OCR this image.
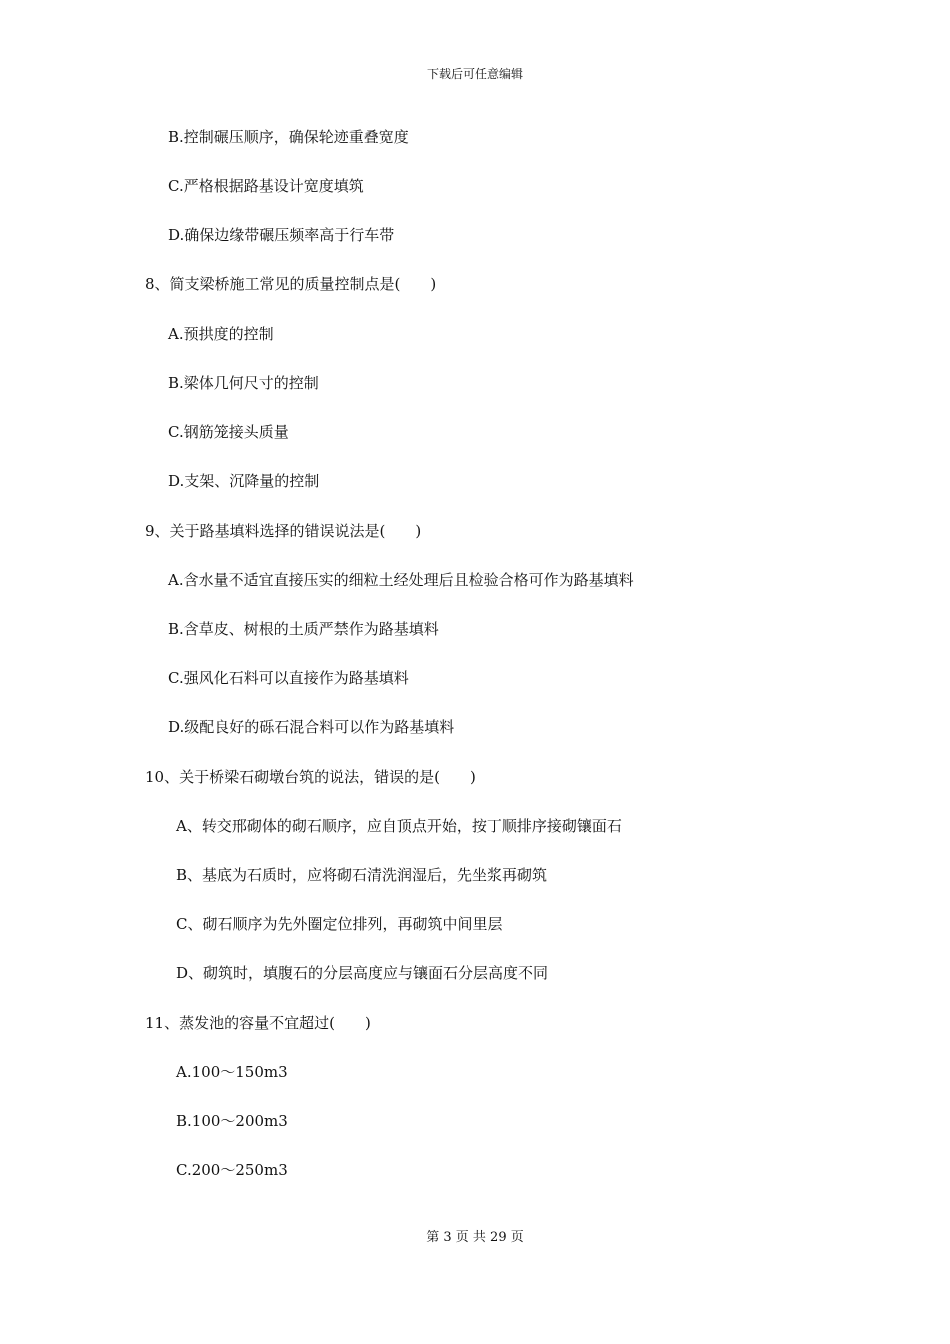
下载后可任意编辑
B.控制碾压顺序，确保轮迹重叠宽度
C.严格根据路基设计宽度填筑
D.确保边缘带碾压频率高于行车带
8、简支梁桥施工常见的质量控制点是(　　)
A.预拱度的控制
B.梁体几何尺寸的控制
C.钢筋笼接头质量
D.支架、沉降量的控制
9、关于路基填料选择的错误说法是(　　)
A.含水量不适宜直接压实的细粒土经处理后且检验合格可作为路基填料
B.含草皮、树根的土质严禁作为路基填料
C.强风化石料可以直接作为路基填料
D.级配良好的砾石混合料可以作为路基填料
10、关于桥梁石砌墩台筑的说法，错误的是(　　)
A、转交邢砌体的砌石顺序，应自顶点开始，按丁顺排序接砌镶面石
B、基底为石质时，应将砌石清洗润湿后，先坐浆再砌筑
C、砌石顺序为先外圈定位排列，再砌筑中间里层
D、砌筑时，填腹石的分层高度应与镶面石分层高度不同
11、蒸发池的容量不宜超过(　　)
A.100～150m3
B.100～200m3
C.200～250m3
第 3 页 共 29 页
